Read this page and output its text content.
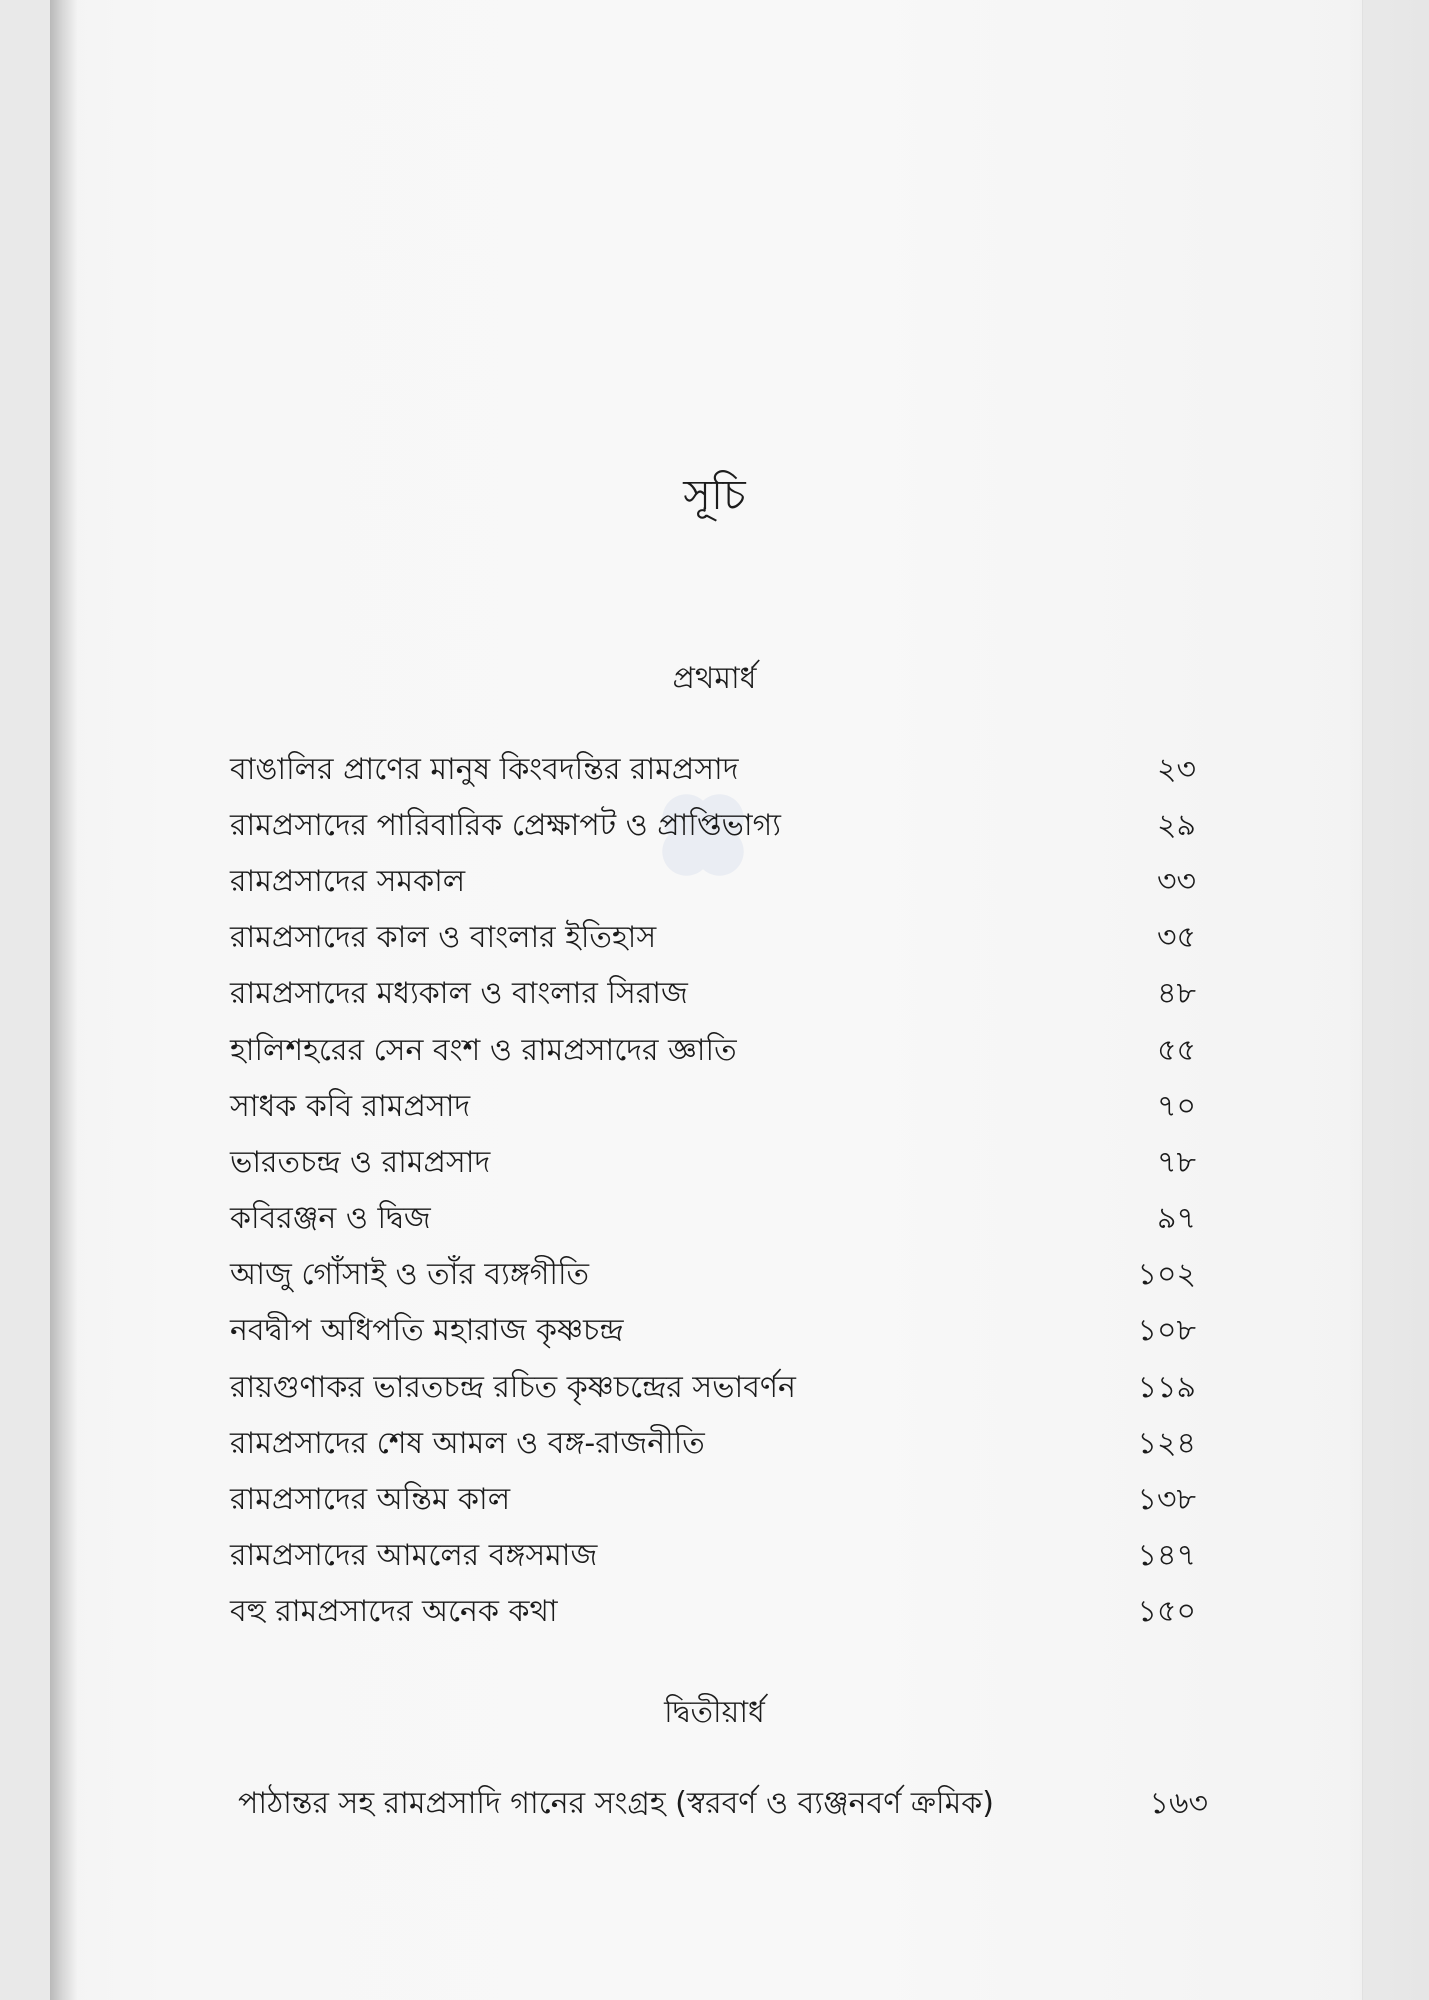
সূচি
প্রথমার্ধ
বাঙালির প্রাণের মানুষ কিংবদন্তির রামপ্রসাদ	২৩
রামপ্রসাদের পারিবারিক প্রেক্ষাপট ও প্রাপ্তিভাগ্য	২৯
রামপ্রসাদের সমকাল	৩৩
রামপ্রসাদের কাল ও বাংলার ইতিহাস	৩৫
রামপ্রসাদের মধ্যকাল ও বাংলার সিরাজ	৪৮
হালিশহরের সেন বংশ ও রামপ্রসাদের জ্ঞাতি	৫৫
সাধক কবি রামপ্রসাদ	৭০
ভারতচন্দ্র ও রামপ্রসাদ	৭৮
কবিরঞ্জন ও দ্বিজ	৯৭
আজু গোঁসাই ও তাঁর ব্যঙ্গগীতি	১০২
নবদ্বীপ অধিপতি মহারাজ কৃষ্ণচন্দ্র	১০৮
রায়গুণাকর ভারতচন্দ্র রচিত কৃষ্ণচন্দ্রের সভাবর্ণন	১১৯
রামপ্রসাদের শেষ আমল ও বঙ্গ-রাজনীতি	১২৪
রামপ্রসাদের অন্তিম কাল	১৩৮
রামপ্রসাদের আমলের বঙ্গসমাজ	১৪৭
বহু রামপ্রসাদের অনেক কথা	১৫০
দ্বিতীয়ার্ধ
পাঠান্তর সহ রামপ্রসাদি গানের সংগ্রহ (স্বরবর্ণ ও ব্যঞ্জনবর্ণ ক্রমিক)	১৬৩
